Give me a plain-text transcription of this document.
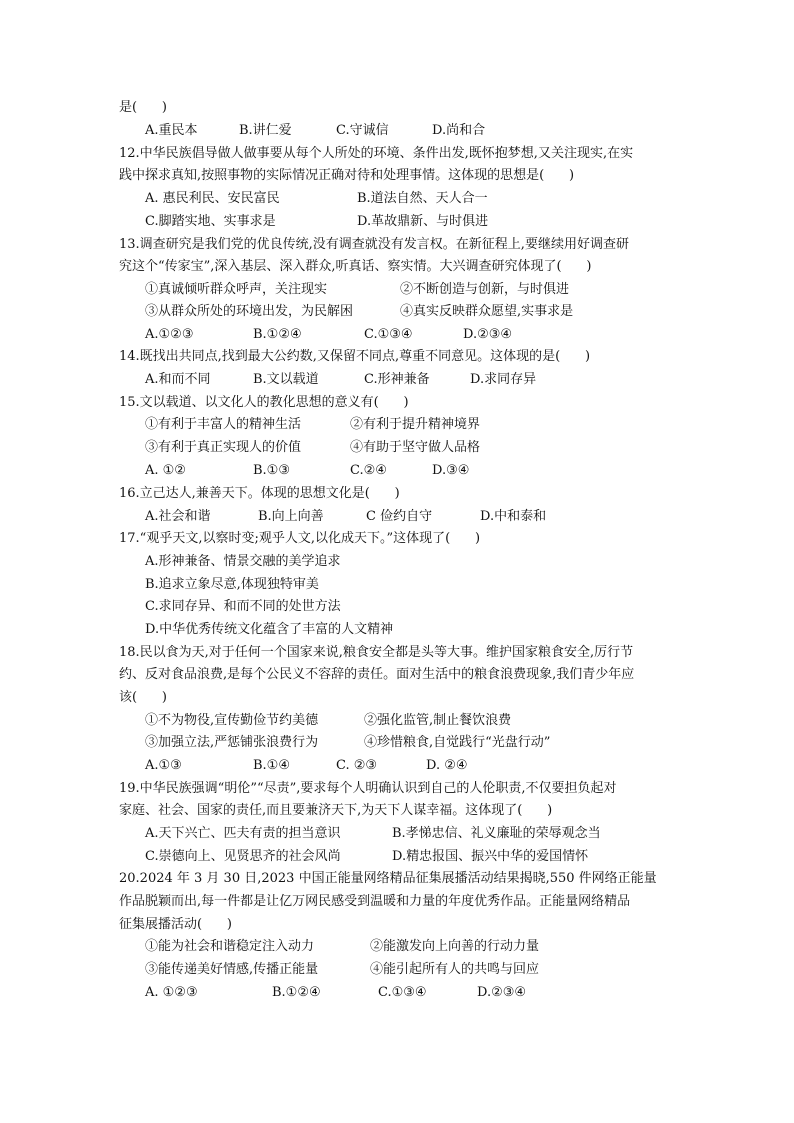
是(      )
A.重民本	B.讲仁爱	C.守诚信	D.尚和合
12.中华民族倡导做人做事要从每个人所处的环境、条件出发,既怀抱梦想,又关注现实,在实
践中探求真知,按照事物的实际情况正确对待和处理事情。这体现的思想是(      )
A. 惠民利民、安民富民	B.道法自然、天人合一
C.脚踏实地、实事求是	D.革故鼎新、与时俱进
13.调查研究是我们党的优良传统,没有调查就没有发言权。在新征程上,要继续用好调查研
究这个“传家宝”,深入基层、深入群众,听真话、察实情。大兴调查研究体现了(      )
①真诚倾听群众呼声，关注现实	②不断创造与创新，与时俱进
③从群众所处的环境出发，为民解困	④真实反映群众愿望,实事求是
A.①②③	B.①②④	C.①③④	D.②③④
14.既找出共同点,找到最大公约数,又保留不同点,尊重不同意见。这体现的是(      )
A.和而不同	B.文以载道	C.形神兼备	D.求同存异
15.文以载道、以文化人的教化思想的意义有(      )
①有利于丰富人的精神生活	②有利于提升精神境界
③有利于真正实现人的价值	④有助于坚守做人品格
A. ①②	B.①③	C.②④	D.③④
16.立己达人,兼善天下。体现的思想文化是(      )
A.社会和谐	B.向上向善	C 俭约自守	D.中和泰和
17.“观乎天文,以察时变;观乎人文,以化成天下。”这体现了(      )
A.形神兼备、情景交融的美学追求
B.追求立象尽意,体现独特审美
C.求同存异、和而不同的处世方法
D.中华优秀传统文化蕴含了丰富的人文精神
18.民以食为天,对于任何一个国家来说,粮食安全都是头等大事。维护国家粮食安全,厉行节
约、反对食品浪费,是每个公民义不容辞的责任。面对生活中的粮食浪费现象,我们青少年应
该(      )
①不为物役,宣传勤俭节约美德	②强化监管,制止餐饮浪费
③加强立法,严惩铺张浪费行为	④珍惜粮食,自觉践行“光盘行动”
A.①③	B.①④	C. ②③	D. ②④
19.中华民族强调“明伦”“尽责”,要求每个人明确认识到自己的人伦职责,不仅要担负起对
家庭、社会、国家的责任,而且要兼济天下,为天下人谋幸福。这体现了(      )
A.天下兴亡、匹夫有责的担当意识	B.孝悌忠信、礼义廉耻的荣辱观念当
C.崇德向上、见贤思齐的社会风尚	D.精忠报国、振兴中华的爱国情怀
20.2024 年 3 月 30 日,2023 中国正能量网络精品征集展播活动结果揭晓,550 件网络正能量
作品脱颖而出,每一件都是让亿万网民感受到温暖和力量的年度优秀作品。正能量网络精品
征集展播活动(      )
①能为社会和谐稳定注入动力	②能激发向上向善的行动力量
③能传递美好情感,传播正能量	④能引起所有人的共鸣与回应
A. ①②③	B.①②④	C.①③④	D.②③④
